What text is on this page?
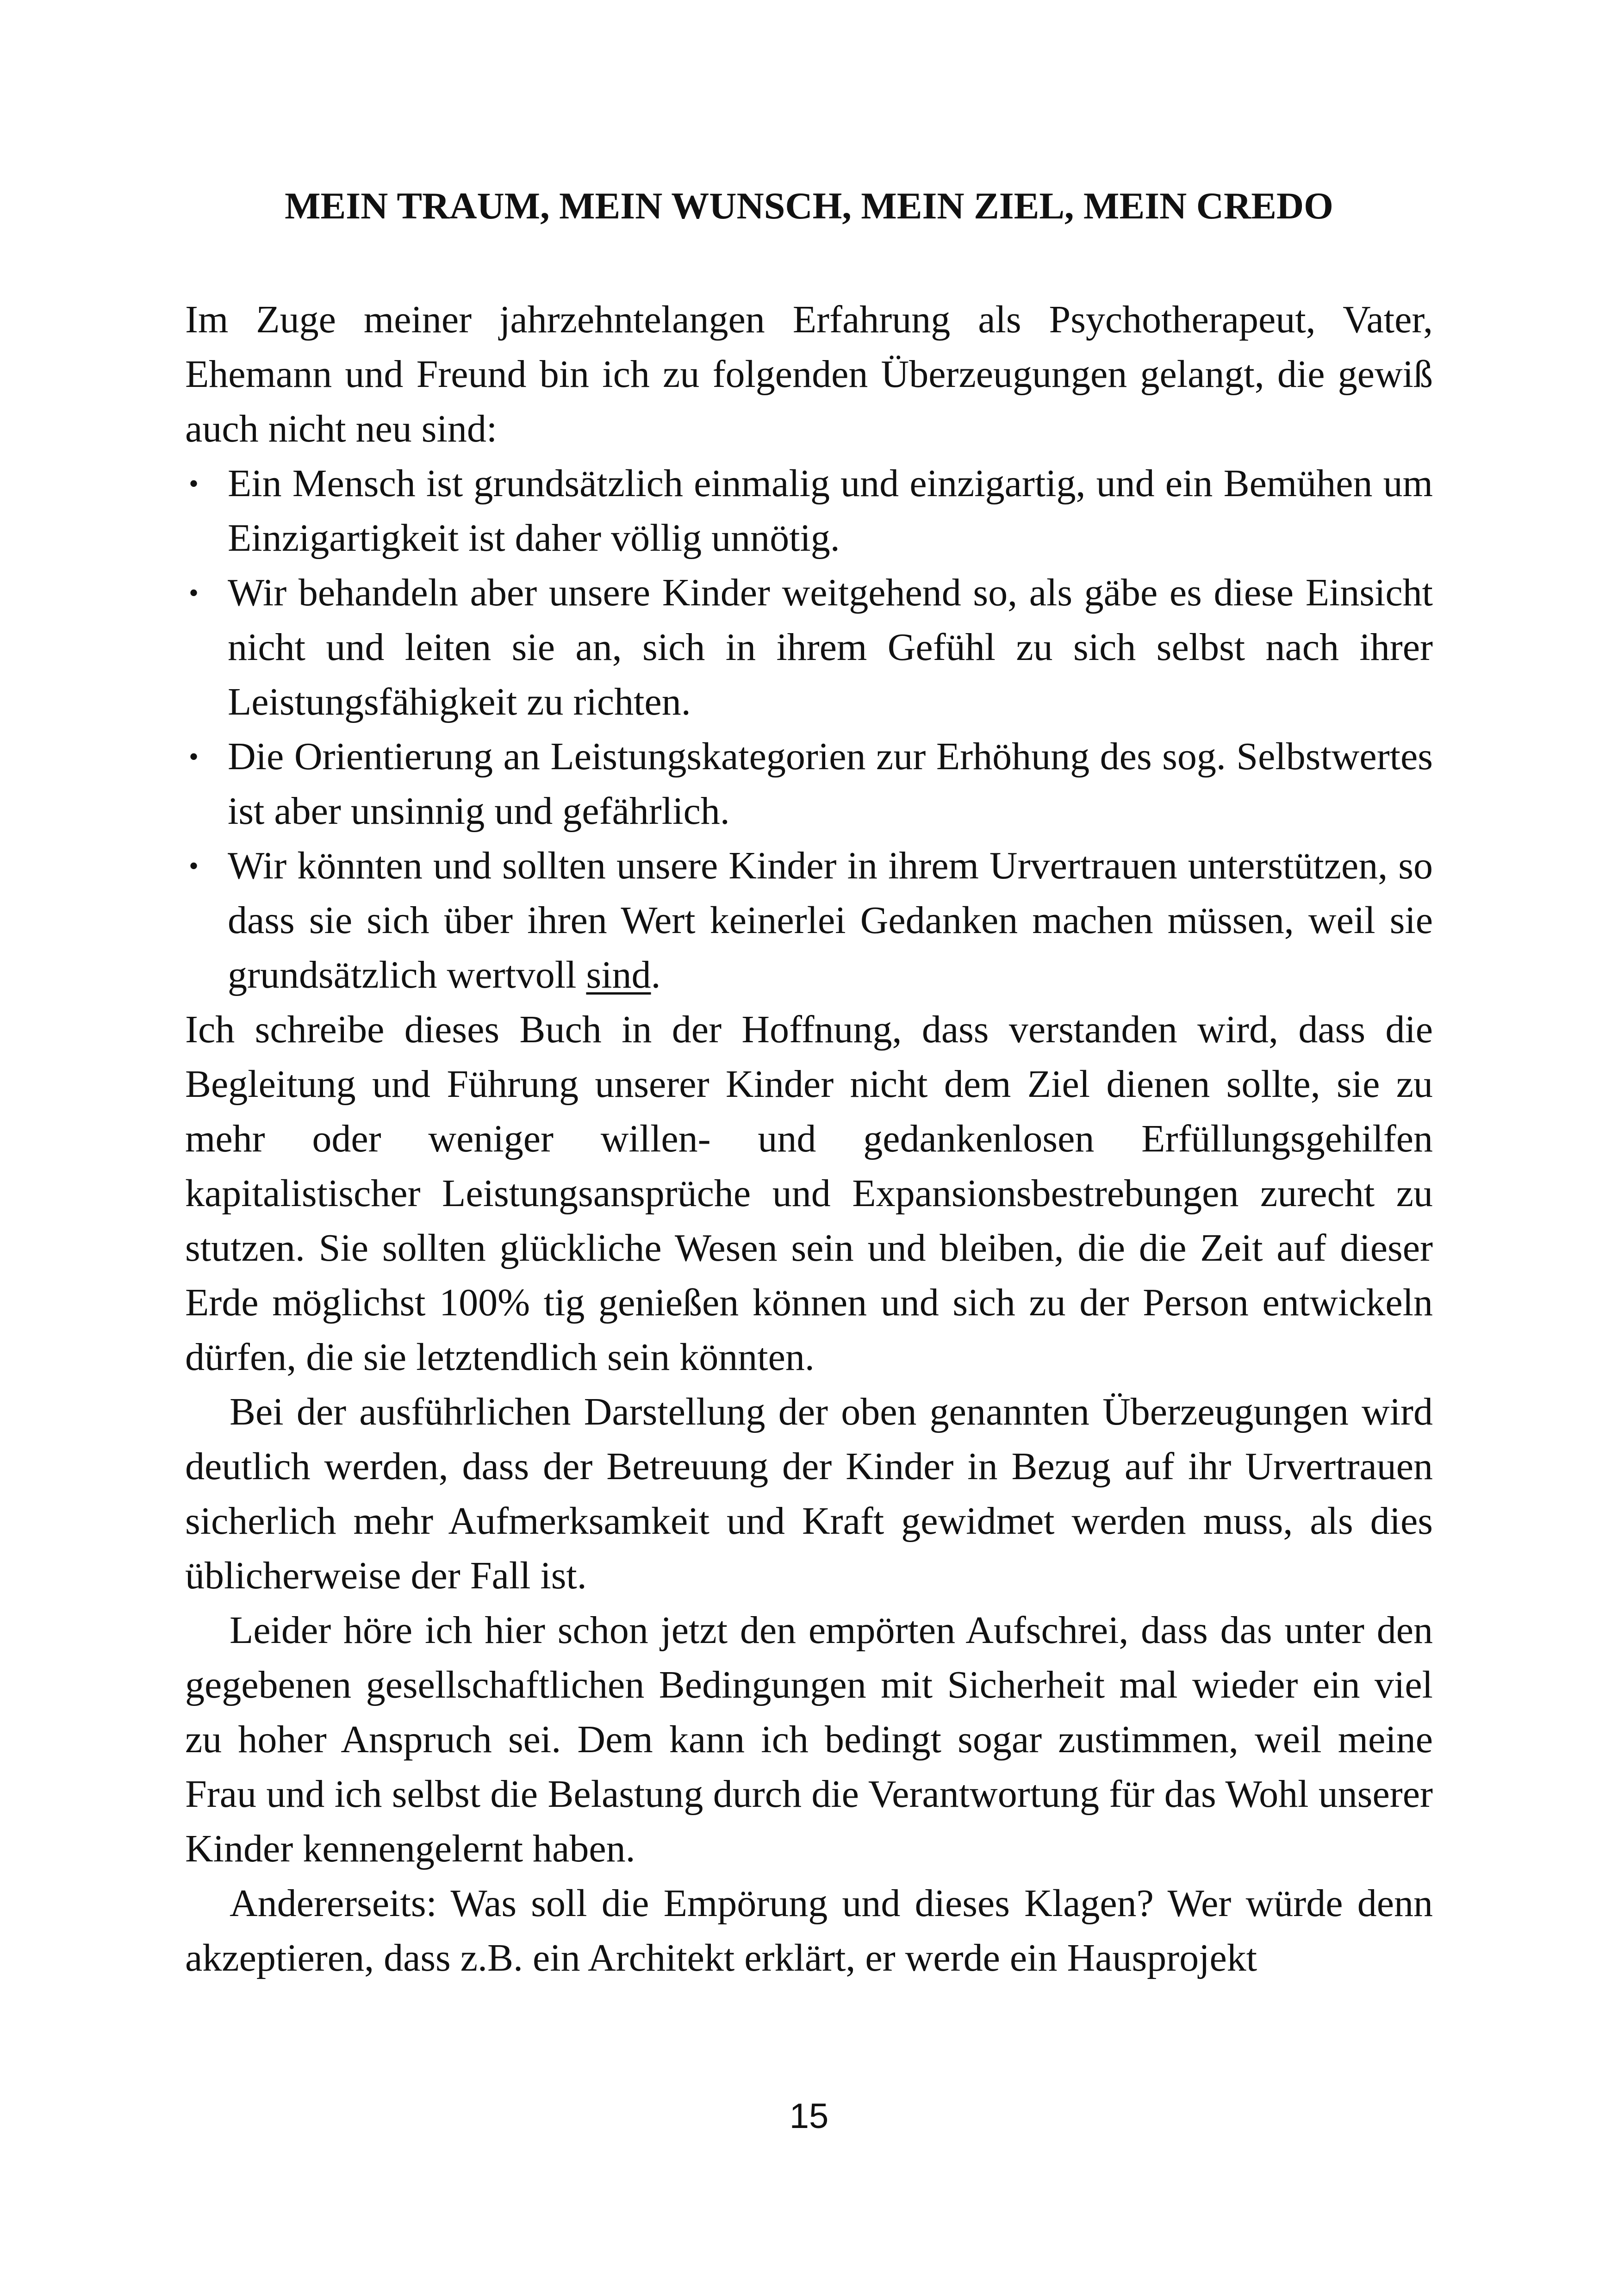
MEIN TRAUM, MEIN WUNSCH, MEIN ZIEL, MEIN CREDO

Im Zuge meiner jahrzehntelangen Erfahrung als Psychotherapeut, Vater, Ehemann und Freund bin ich zu folgenden Überzeugungen gelangt, die gewiß auch nicht neu sind:

• Ein Mensch ist grundsätzlich einmalig und einzigartig, und ein Bemühen um Einzigartigkeit ist daher völlig unnötig.
• Wir behandeln aber unsere Kinder weitgehend so, als gäbe es diese Einsicht nicht und leiten sie an, sich in ihrem Gefühl zu sich selbst nach ihrer Leistungsfähigkeit zu richten.
• Die Orientierung an Leistungskategorien zur Erhöhung des sog. Selbstwertes ist aber unsinnig und gefährlich.
• Wir könnten und sollten unsere Kinder in ihrem Urvertrauen unterstützen, so dass sie sich über ihren Wert keinerlei Gedanken machen müssen, weil sie grundsätzlich wertvoll sind.

Ich schreibe dieses Buch in der Hoffnung, dass verstanden wird, dass die Begleitung und Führung unserer Kinder nicht dem Ziel dienen sollte, sie zu mehr oder weniger willen- und gedankenlosen Erfüllungsgehilfen kapitalistischer Leistungsansprüche und Expansionsbestrebungen zurecht zu stutzen. Sie sollten glückliche Wesen sein und bleiben, die die Zeit auf dieser Erde möglichst 100% tig genießen können und sich zu der Person entwickeln dürfen, die sie letztendlich sein könnten.

Bei der ausführlichen Darstellung der oben genannten Überzeugungen wird deutlich werden, dass der Betreuung der Kinder in Bezug auf ihr Urvertrauen sicherlich mehr Aufmerksamkeit und Kraft gewidmet werden muss, als dies üblicherweise der Fall ist.

Leider höre ich hier schon jetzt den empörten Aufschrei, dass das unter den gegebenen gesellschaftlichen Bedingungen mit Sicherheit mal wieder ein viel zu hoher Anspruch sei. Dem kann ich bedingt sogar zustimmen, weil meine Frau und ich selbst die Belastung durch die Verantwortung für das Wohl unserer Kinder kennengelernt haben.

Andererseits: Was soll die Empörung und dieses Klagen? Wer würde denn akzeptieren, dass z.B. ein Architekt erklärt, er werde ein Hausprojekt

15
